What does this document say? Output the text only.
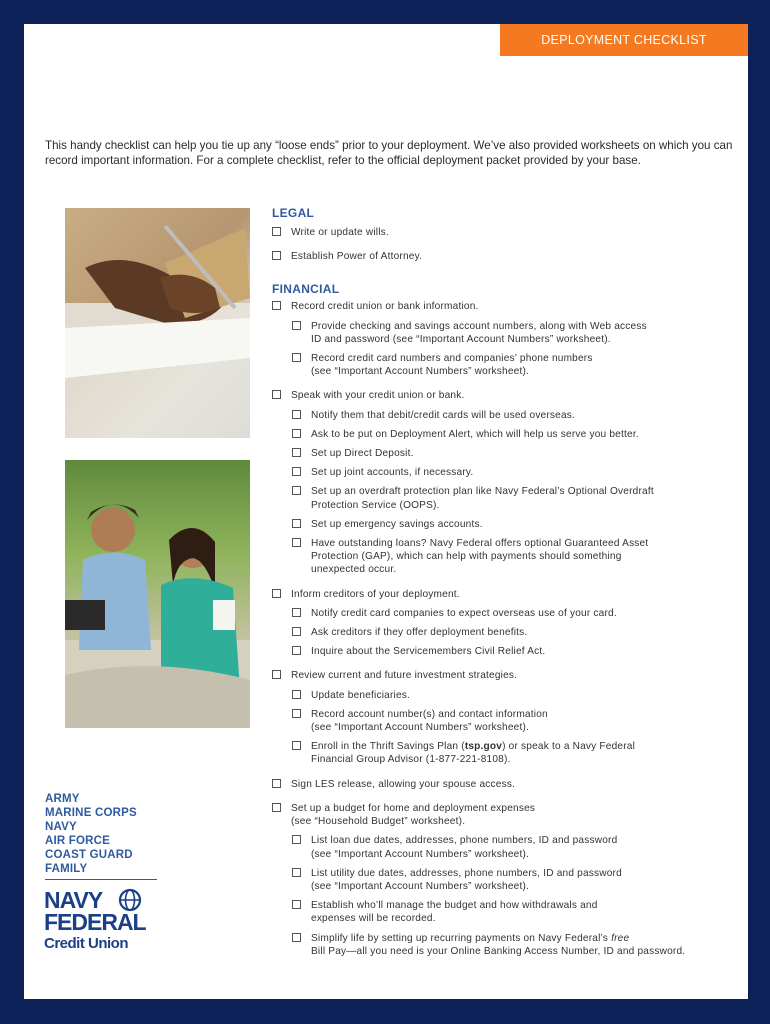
DEPLOYMENT CHECKLIST
This handy checklist can help you tie up any “loose ends” prior to your deployment. We’ve also provided worksheets on which you can record important information. For a complete checklist, refer to the official deployment packet provided by your base.
ARMY
MARINE CORPS
NAVY
AIR FORCE
COAST GUARD
FAMILY
NAVY
FEDERAL
Credit Union
LEGAL
Write or update wills.
Establish Power of Attorney.
FINANCIAL
Record credit union or bank information.
Provide checking and savings account numbers, along with Web access
ID and password (see “Important Account Numbers” worksheet).
Record credit card numbers and companies’ phone numbers
(see “Important Account Numbers” worksheet).
Speak with your credit union or bank.
Notify them that debit/credit cards will be used overseas.
Ask to be put on Deployment Alert, which will help us serve you better.
Set up Direct Deposit.
Set up joint accounts, if necessary.
Set up an overdraft protection plan like Navy Federal’s Optional Overdraft
Protection Service (OOPS).
Set up emergency savings accounts.
Have outstanding loans? Navy Federal offers optional Guaranteed Asset
Protection (GAP), which can help with payments should something
unexpected occur.
Inform creditors of your deployment.
Notify credit card companies to expect overseas use of your card.
Ask creditors if they offer deployment benefits.
Inquire about the Servicemembers Civil Relief Act.
Review current and future investment strategies.
Update beneficiaries.
Record account number(s) and contact information
(see “Important Account Numbers” worksheet).
Enroll in the Thrift Savings Plan (tsp.gov) or speak to a Navy Federal
Financial Group Advisor (1-877-221-8108).
Sign LES release, allowing your spouse access.
Set up a budget for home and deployment expenses
(see “Household Budget” worksheet).
List loan due dates, addresses, phone numbers, ID and password
(see “Important Account Numbers” worksheet).
List utility due dates, addresses, phone numbers, ID and password
(see “Important Account Numbers” worksheet).
Establish who’ll manage the budget and how withdrawals and
expenses will be recorded.
Simplify life by setting up recurring payments on Navy Federal’s free
Bill Pay—all you need is your Online Banking Access Number, ID and password.
